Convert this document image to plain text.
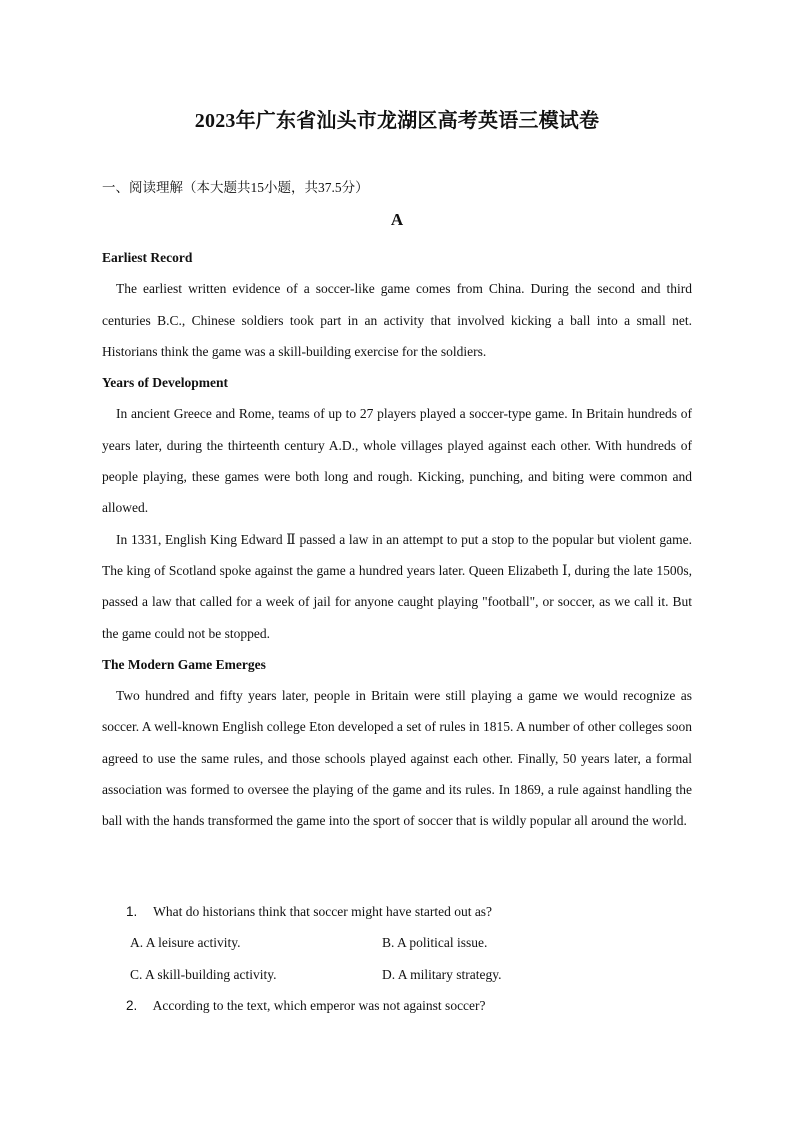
2023年广东省汕头市龙湖区高考英语三模试卷
一、阅读理解（本大题共15小题，共37.5分）
A

Earliest Record

The earliest written evidence of a soccer-like game comes from China. During the second and third centuries B.C., Chinese soldiers took part in an activity that involved kicking a ball into a small net. Historians think the game was a skill-building exercise for the soldiers.

Years of Development

In ancient Greece and Rome, teams of up to 27 players played a soccer-type game. In Britain hundreds of years later, during the thirteenth century A.D., whole villages played against each other. With hundreds of people playing, these games were both long and rough. Kicking, punching, and biting were common and allowed.

In 1331, English King Edward Ⅱ passed a law in an attempt to put a stop to the popular but violent game. The king of Scotland spoke against the game a hundred years later. Queen Elizabeth Ⅰ, during the late 1500s, passed a law that called for a week of jail for anyone caught playing "football", or soccer, as we call it. But the game could not be stopped.

The Modern Game Emerges

Two hundred and fifty years later, people in Britain were still playing a game we would recognize as soccer. A well-known English college Eton developed a set of rules in 1815. A number of other colleges soon agreed to use the same rules, and those schools played against each other. Finally, 50 years later, a formal association was formed to oversee the playing of the game and its rules. In 1869, a rule against handling the ball with the hands transformed the game into the sport of soccer that is wildly popular all around the world.

1. What do historians think that soccer might have started out as?

A. A leisure activity.	B. A political issue.
C. A skill-building activity.	D. A military strategy.

2. According to the text, which emperor was not against soccer?
